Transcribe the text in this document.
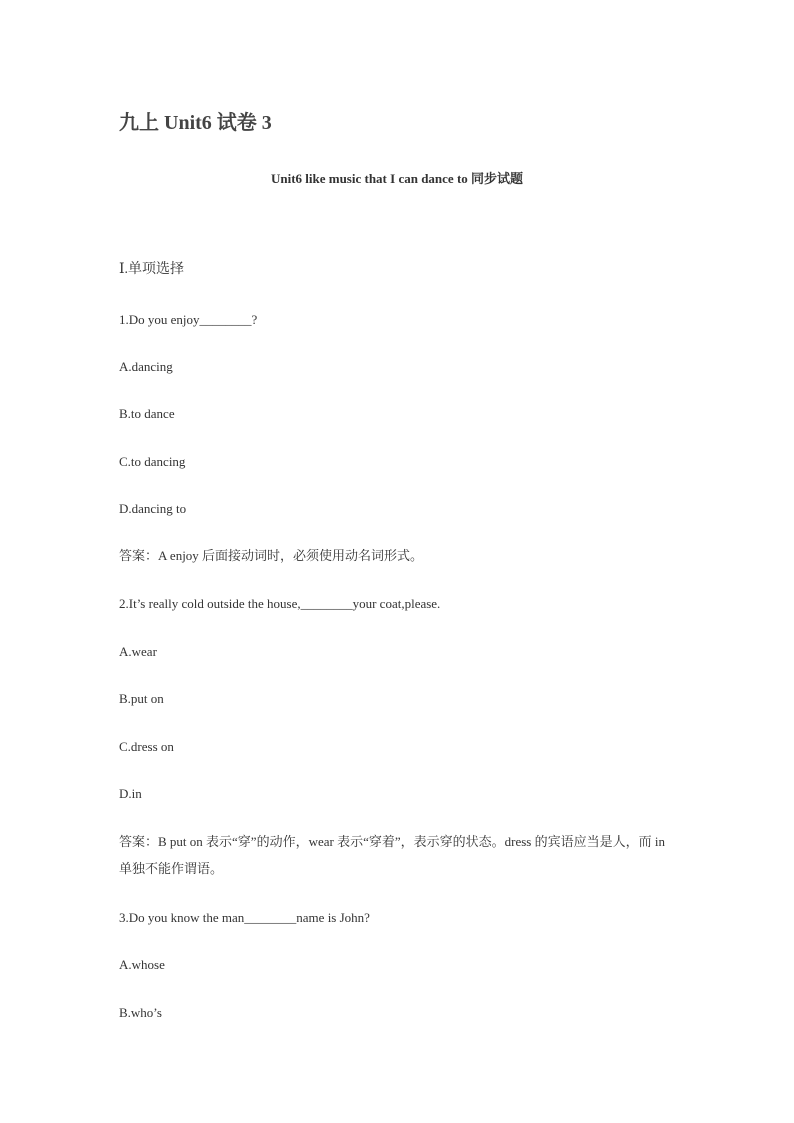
九上 Unit6 试卷 3
Unit6 like music that I can dance to 同步试题
Ⅰ.单项选择
1.Do you enjoy________?
A.dancing
B.to dance
C.to dancing
D.dancing to
答案：A enjoy 后面接动词时，必须使用动名词形式。
2.It’s really cold outside the house,________your coat,please.
A.wear
B.put on
C.dress on
D.in
答案：B put on 表示“穿”的动作，wear 表示“穿着”，表示穿的状态。dress 的宾语应当是人，而 in 单独不能作谓语。
3.Do you know the man________name is John?
A.whose
B.who’s
